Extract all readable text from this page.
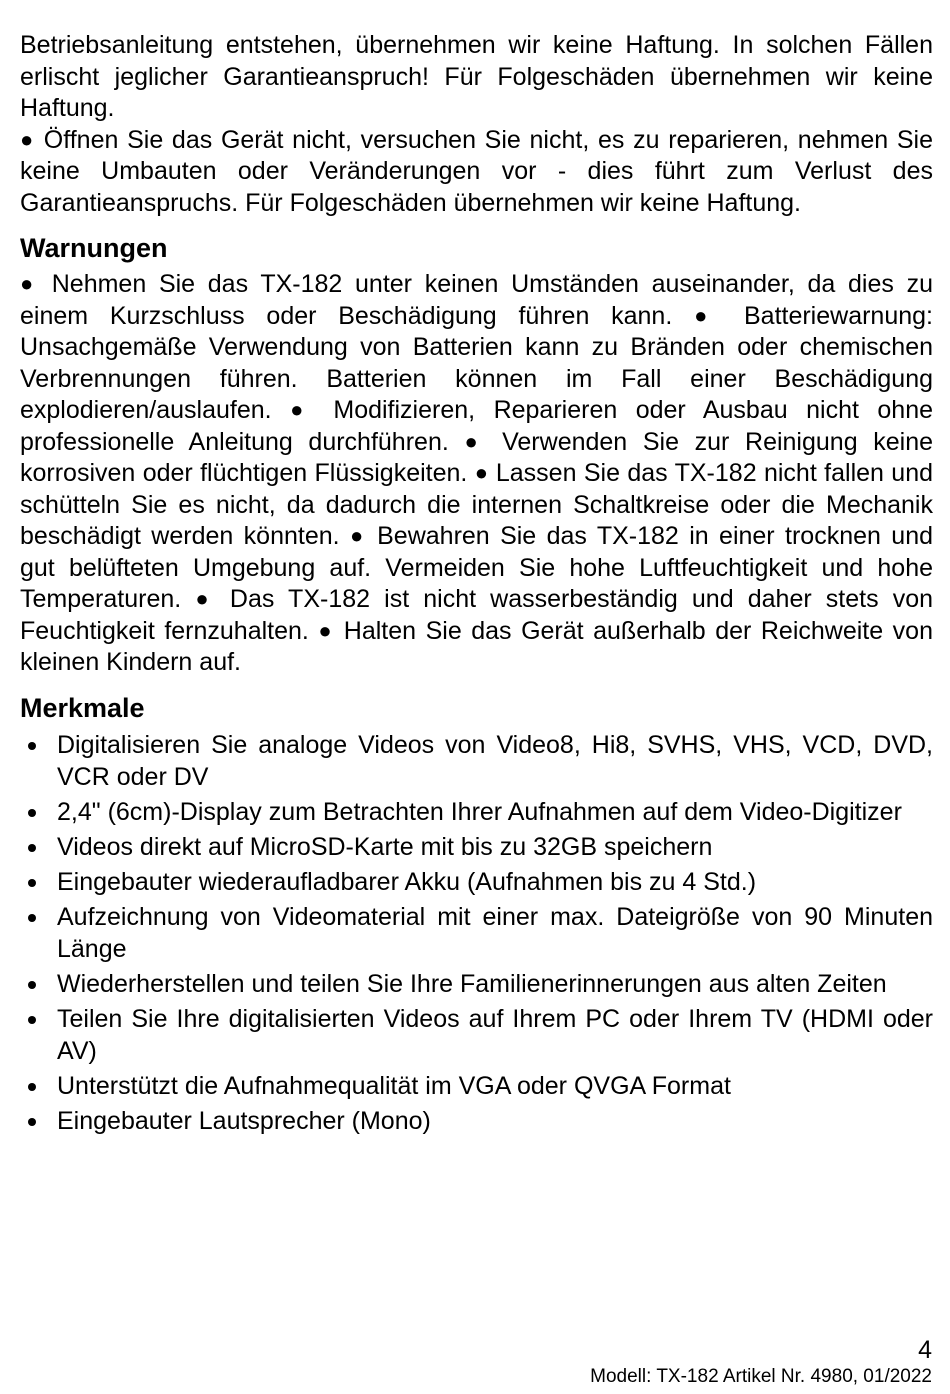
Betriebsanleitung entstehen, übernehmen wir keine Haftung. In solchen Fällen erlischt jeglicher Garantieanspruch! Für Folgeschäden übernehmen wir keine Haftung.
● Öffnen Sie das Gerät nicht, versuchen Sie nicht, es zu reparieren, nehmen Sie keine Umbauten oder Veränderungen vor - dies führt zum Verlust des Garantieanspruchs. Für Folgeschäden übernehmen wir keine Haftung.

Warnungen

● Nehmen Sie das TX-182 unter keinen Umständen auseinander, da dies zu einem Kurzschluss oder Beschädigung führen kann. ● Batteriewarnung: Unsachgemäße Verwendung von Batterien kann zu Bränden oder chemischen Verbrennungen führen. Batterien können im Fall einer Beschädigung explodieren/auslaufen. ● Modifizieren, Reparieren oder Ausbau nicht ohne professionelle Anleitung durchführen. ● Verwenden Sie zur Reinigung keine korrosiven oder flüchtigen Flüssigkeiten. ● Lassen Sie das TX-182 nicht fallen und schütteln Sie es nicht, da dadurch die internen Schaltkreise oder die Mechanik beschädigt werden könnten. ● Bewahren Sie das TX-182 in einer trocknen und gut belüfteten Umgebung auf. Vermeiden Sie hohe Luftfeuchtigkeit und hohe Temperaturen. ● Das TX-182 ist nicht wasserbeständig und daher stets von Feuchtigkeit fernzuhalten. ● Halten Sie das Gerät außerhalb der Reichweite von kleinen Kindern auf.

Merkmale
Digitalisieren Sie analoge Videos von Video8, Hi8, SVHS, VHS, VCD, DVD, VCR oder DV
2,4" (6cm)-Display zum Betrachten Ihrer Aufnahmen auf dem Video-Digitizer
Videos direkt auf MicroSD-Karte mit bis zu 32GB speichern
Eingebauter wiederaufladbarer Akku (Aufnahmen bis zu 4 Std.)
Aufzeichnung von Videomaterial mit einer max. Dateigröße von 90 Minuten Länge
Wiederherstellen und teilen Sie Ihre Familienerinnerungen aus alten Zeiten
Teilen Sie Ihre digitalisierten Videos auf Ihrem PC oder Ihrem TV (HDMI oder AV)
Unterstützt die Aufnahmequalität im VGA oder QVGA Format
Eingebauter Lautsprecher (Mono)
4
Modell: TX-182 Artikel Nr. 4980, 01/2022
